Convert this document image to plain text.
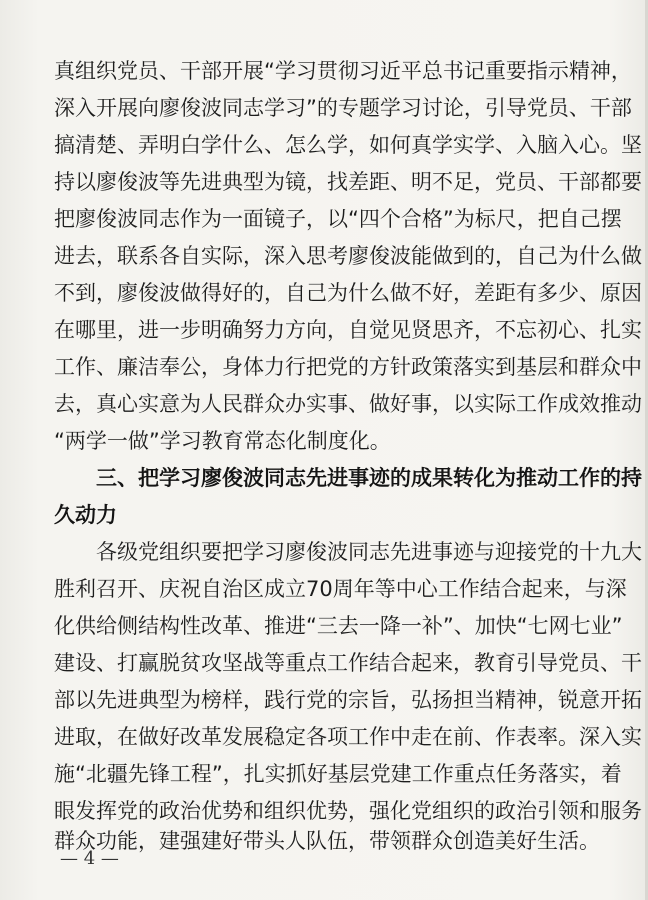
真组织党员、干部开展“学习贯彻习近平总书记重要指示精神，
深入开展向廖俊波同志学习”的专题学习讨论，引导党员、干部
搞清楚、弄明白学什么、怎么学，如何真学实学、入脑入心。坚
持以廖俊波等先进典型为镜，找差距、明不足，党员、干部都要
把廖俊波同志作为一面镜子，以“四个合格”为标尺，把自己摆
进去，联系各自实际，深入思考廖俊波能做到的，自己为什么做
不到，廖俊波做得好的，自己为什么做不好，差距有多少、原因
在哪里，进一步明确努力方向，自觉见贤思齐，不忘初心、扎实
工作、廉洁奉公，身体力行把党的方针政策落实到基层和群众中
去，真心实意为人民群众办实事、做好事，以实际工作成效推动
“两学一做”学习教育常态化制度化。
三、把学习廖俊波同志先进事迹的成果转化为推动工作的持
久动力
各级党组织要把学习廖俊波同志先进事迹与迎接党的十九大
胜利召开、庆祝自治区成立70周年等中心工作结合起来，与深
化供给侧结构性改革、推进“三去一降一补”、加快“七网七业”
建设、打赢脱贫攻坚战等重点工作结合起来，教育引导党员、干
部以先进典型为榜样，践行党的宗旨，弘扬担当精神，锐意开拓
进取，在做好改革发展稳定各项工作中走在前、作表率。深入实
施“北疆先锋工程”，扎实抓好基层党建工作重点任务落实，着
眼发挥党的政治优势和组织优势，强化党组织的政治引领和服务
群众功能，建强建好带头人队伍，带领群众创造美好生活。
— 4 —
